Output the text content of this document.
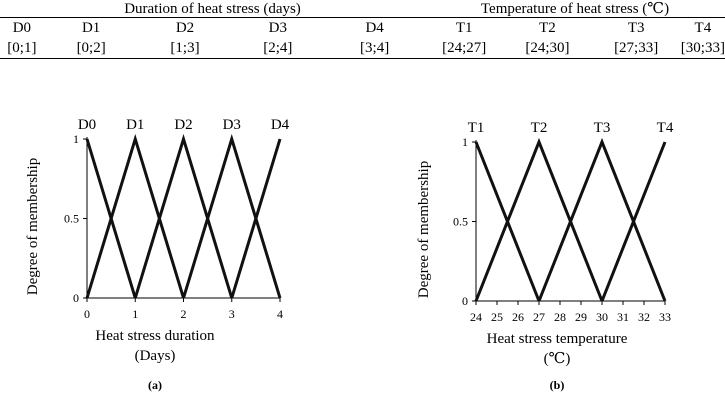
Duration of heat stress (days)					Temperature of heat stress (℃)			
D0	D1	D2	D3	D4	T1	T2	T3	T4
[0;1]	[0;2]	[1;3]	[2;4]	[3;4]	[24;27]	[24;30]	[27;33]	[30;33]
0
0.5
1
0	1	2	3	4
D0 D1 D2 D3 D4
Heat stress duration
(Days)
Degree of membership
(a)
0
0.5
1
24 25 26 27 28 29 30 31 32 33
T1	T2	T3	T4
Heat stress temperature
(℃)
Degree of membership
(b)
